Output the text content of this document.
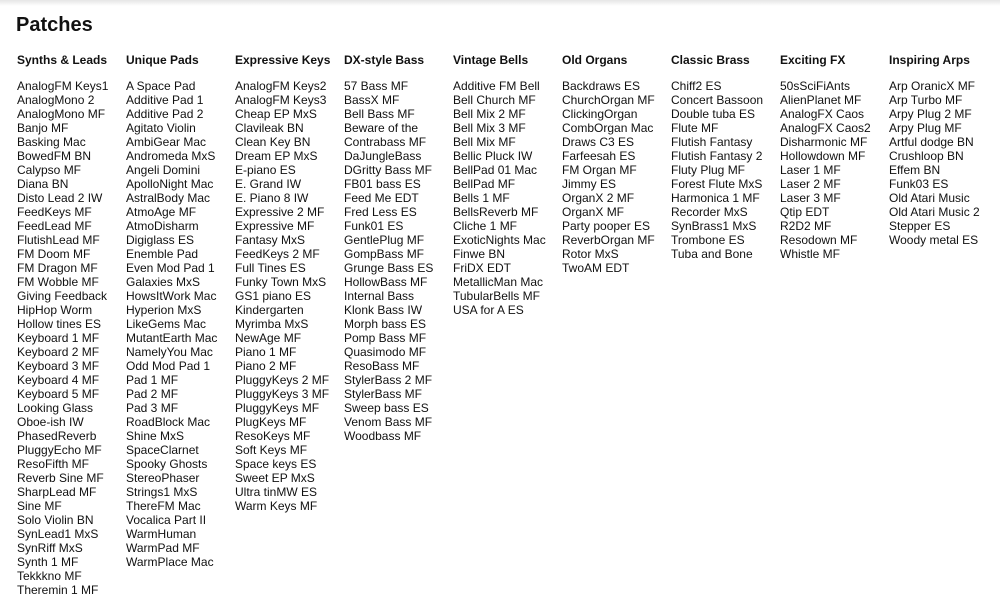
Patches
Synths & Leads
AnalogFM Keys1
AnalogMono 2
AnalogMono MF
Banjo MF
Basking Mac
BowedFM BN
Calypso MF
Diana BN
Disto Lead 2 IW
FeedKeys MF
FeedLead MF
FlutishLead MF
FM Doom MF
FM Dragon MF
FM Wobble MF
Giving Feedback
HipHop Worm
Hollow tines ES
Keyboard 1 MF
Keyboard 2 MF
Keyboard 3 MF
Keyboard 4 MF
Keyboard 5 MF
Looking Glass
Oboe-ish IW
PhasedReverb
PluggyEcho MF
ResoFifth MF
Reverb Sine MF
SharpLead MF
Sine MF
Solo Violin BN
SynLead1 MxS
SynRiff MxS
Synth 1 MF
Tekkkno MF
Theremin 1 MF
Unique Pads
A Space Pad
Additive Pad 1
Additive Pad 2
Agitato Violin
AmbiGear Mac
Andromeda MxS
Angeli Domini
ApolloNight Mac
AstralBody Mac
AtmoAge MF
AtmoDisharm
Digiglass ES
Enemble Pad
Even Mod Pad 1
Galaxies MxS
HowsItWork Mac
Hyperion MxS
LikeGems Mac
MutantEarth Mac
NamelyYou Mac
Odd Mod Pad 1
Pad 1 MF
Pad 2 MF
Pad 3 MF
RoadBlock Mac
Shine MxS
SpaceClarnet
Spooky Ghosts
StereoPhaser
Strings1 MxS
ThereFM Mac
Vocalica Part II
WarmHuman
WarmPad MF
WarmPlace Mac
Expressive Keys
AnalogFM Keys2
AnalogFM Keys3
Cheap EP MxS
Clavileak BN
Clean Key BN
Dream EP MxS
E-piano ES
E. Grand IW
E. Piano 8 IW
Expressive 2 MF
Expressive MF
Fantasy MxS
FeedKeys 2 MF
Full Tines ES
Funky Town MxS
GS1 piano ES
Kindergarten
Myrimba MxS
NewAge MF
Piano 1 MF
Piano 2 MF
PluggyKeys 2 MF
PluggyKeys 3 MF
PluggyKeys MF
PlugKeys MF
ResoKeys MF
Soft Keys MF
Space keys ES
Sweet EP MxS
Ultra tinMW ES
Warm Keys MF
DX-style Bass
57 Bass MF
BassX MF
Bell Bass MF
Beware of the
Contrabass MF
DaJungleBass
DGritty Bass MF
FB01 bass ES
Feed Me EDT
Fred Less ES
Funk01 ES
GentlePlug MF
GompBass MF
Grunge Bass ES
HollowBass MF
Internal Bass
Klonk Bass IW
Morph bass ES
Pomp Bass MF
Quasimodo MF
ResoBass MF
StylerBass 2 MF
StylerBass MF
Sweep bass ES
Venom Bass MF
Woodbass MF
Vintage Bells
Additive FM Bell
Bell Church MF
Bell Mix 2 MF
Bell Mix 3 MF
Bell Mix MF
Bellic Pluck IW
BellPad 01 Mac
BellPad MF
Bells 1 MF
BellsReverb MF
Cliche 1 MF
ExoticNights Mac
Finwe BN
FriDX EDT
MetallicMan Mac
TubularBells MF
USA for A ES
Old Organs
Backdraws ES
ChurchOrgan MF
ClickingOrgan
CombOrgan Mac
Draws C3 ES
Farfeesah ES
FM Organ MF
Jimmy ES
OrganX 2 MF
OrganX MF
Party pooper ES
ReverbOrgan MF
Rotor MxS
TwoAM EDT
Classic Brass
Chiff2 ES
Concert Bassoon
Double tuba ES
Flute MF
Flutish Fantasy
Flutish Fantasy 2
Fluty Plug MF
Forest Flute MxS
Harmonica 1 MF
Recorder MxS
SynBrass1 MxS
Trombone ES
Tuba and Bone
Exciting FX
50sSciFiAnts
AlienPlanet MF
AnalogFX Caos
AnalogFX Caos2
Disharmonic MF
Hollowdown MF
Laser 1 MF
Laser 2 MF
Laser 3 MF
Qtip EDT
R2D2 MF
Resodown MF
Whistle MF
Inspiring Arps
Arp OranicX MF
Arp Turbo MF
Arpy Plug 2 MF
Arpy Plug MF
Artful dodge BN
Crushloop BN
Effem BN
Funk03 ES
Old Atari Music
Old Atari Music 2
Stepper ES
Woody metal ES
